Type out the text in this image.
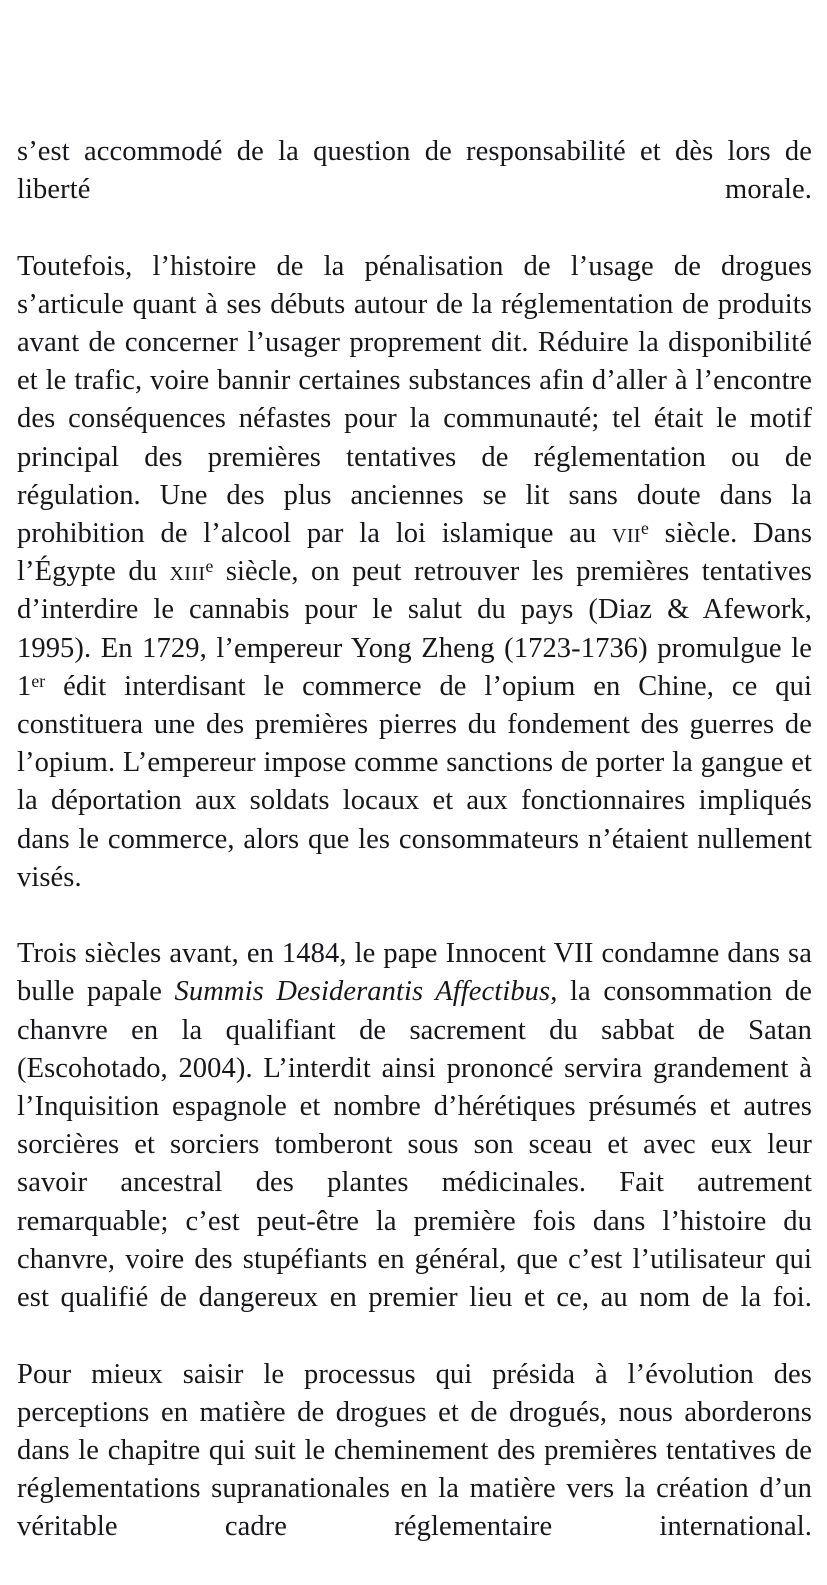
s’est accommodé de la question de responsabilité et dès lors de liberté morale.

Toutefois, l’histoire de la pénalisation de l’usage de drogues s’articule quant à ses débuts autour de la réglementation de produits avant de concerner l’usager proprement dit. Réduire la disponibilité et le trafic, voire bannir certaines substances afin d’aller à l’encontre des conséquences néfastes pour la communauté; tel était le motif principal des premières tentatives de réglementation ou de régulation. Une des plus anciennes se lit sans doute dans la prohibition de l’alcool par la loi islamique au vii$^e$ siècle. Dans l’Égypte du xiii$^e$ siècle, on peut retrouver les premières tentatives d’interdire le cannabis pour le salut du pays (Diaz & Afework, 1995). En 1729, l’empereur Yong Zheng (1723-1736) promulgue le 1er édit interdisant le commerce de l’opium en Chine, ce qui constituera une des premières pierres du fondement des guerres de l’opium. L’empereur impose comme sanctions de porter la gangue et la déportation aux soldats locaux et aux fonctionnaires impliqués dans le commerce, alors que les consommateurs n’étaient nullement visés.

Trois siècles avant, en 1484, le pape Innocent VII condamne dans sa bulle papale Summis Desiderantis Affectibus, la consommation de chanvre en la qualifiant de sacrement du sabbat de Satan (Escohotado, 2004). L’interdit ainsi prononcé servira grandement à l’Inquisition espagnole et nombre d’hérétiques présumés et autres sorcières et sorciers tomberont sous son sceau et avec eux leur savoir ancestral des plantes médicinales. Fait autrement remarquable; c’est peut-être la première fois dans l’histoire du chanvre, voire des stupéfiants en général, que c’est l’utilisateur qui est qualifié de dangereux en premier lieu et ce, au nom de la foi.

Pour mieux saisir le processus qui présida à l’évolution des perceptions en matière de drogues et de drogués, nous aborderons dans le chapitre qui suit le cheminement des premières tentatives de réglementations supranationales en la matière vers la création d’un véritable cadre réglementaire international.
